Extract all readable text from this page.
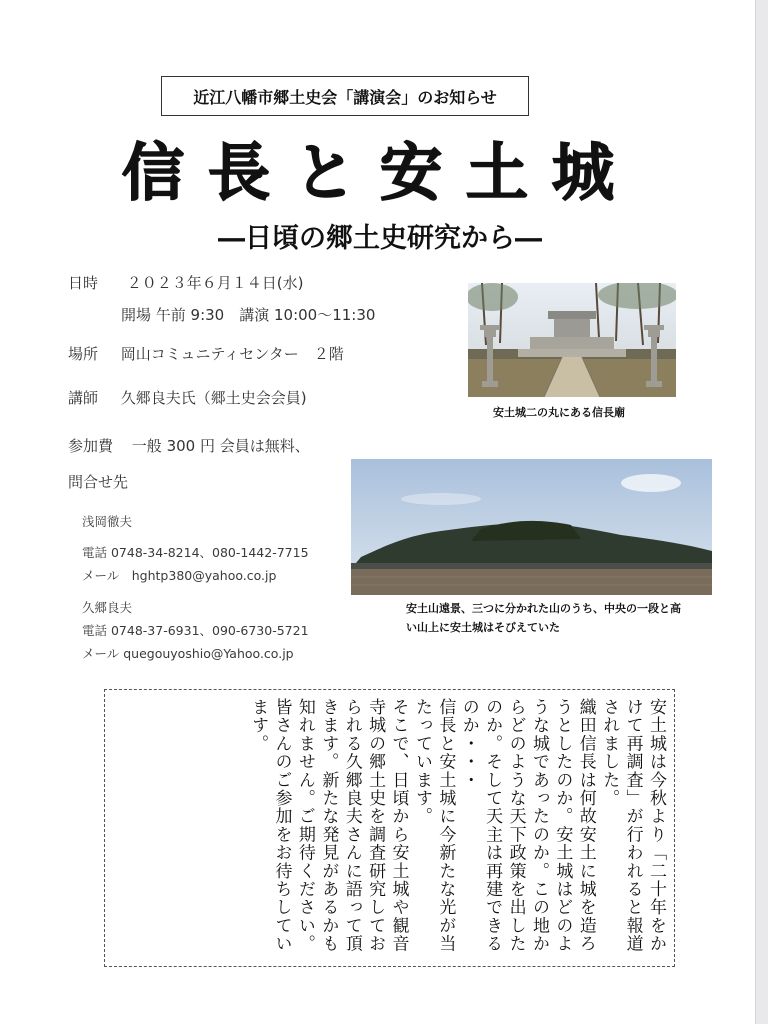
近江八幡市郷土史会「講演会」のお知らせ
信長と安土城
―日頃の郷土史研究から―
日時 ２０２３年６月１４日(水)
開場 午前 9:30　講演 10:00～11:30
場所 岡山コミュニティセンター　２階
講師 久郷良夫氏（郷土史会会員)
参加費 一般 300 円 会員は無料、
問合せ先
浅岡徹夫
電話 0748-34-8214、080-1442-7715
メール　hghtp380@yahoo.co.jp
久郷良夫
電話 0748-37-6931、090-6730-5721
メール quegouyoshio@Yahoo.co.jp
安土城二の丸にある信長廟
安土山遠景、三つに分かれた山のうち、中央の一段と高
い山上に安土城はそびえていた

安土城は今秋より「二十年をかけて再調査」が行われると報道されました。

織田信長は何故安土に城を造ろうとしたのか。安土城はどのような城であったのか。この地からどのような天下政策を出したのか。そして天主は再建できるのか・・・

信長と安土城に今新たな光が当たっています。

そこで、日頃から安土城や観音寺城の郷土史を調査研究しておられる久郷良夫さんに語って頂きます。新たな発見があるかも知れません。ご期待ください。

皆さんのご参加をお待ちしています。
